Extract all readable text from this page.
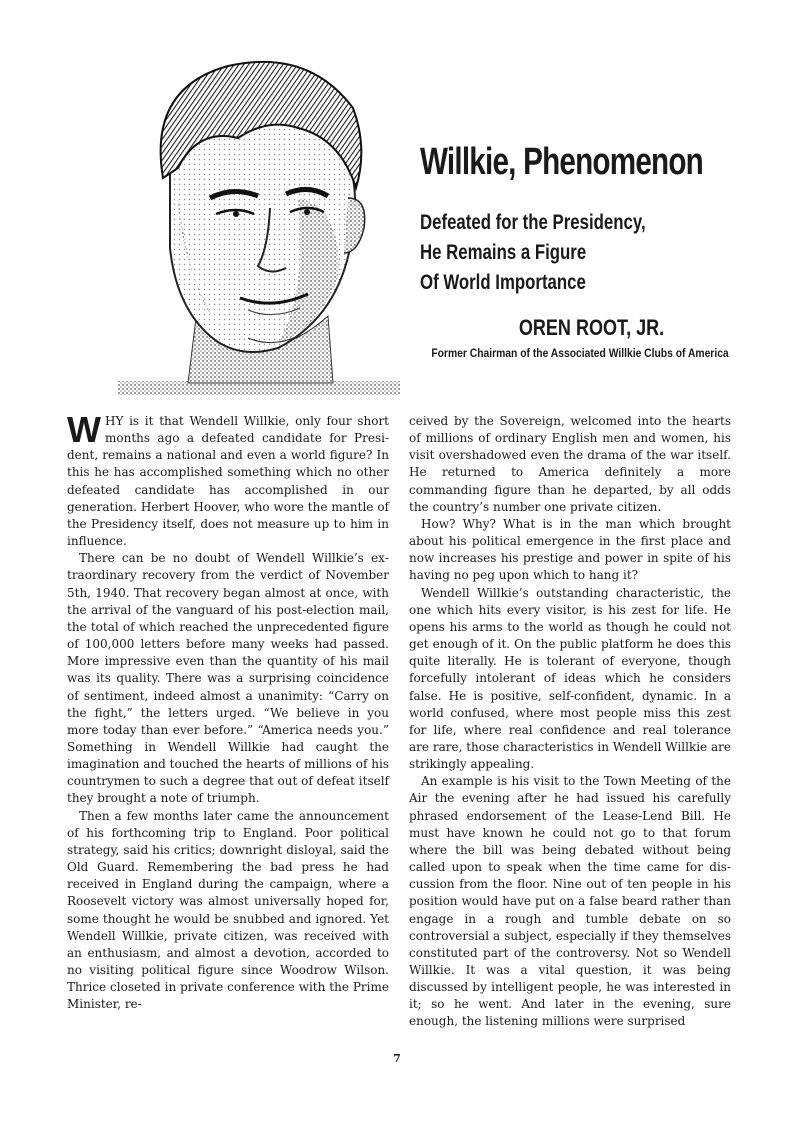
Willkie, Phenomenon
Defeated for the Presidency,
He Remains a Figure
Of World Importance
OREN ROOT, JR.
Former Chairman of the Associated Willkie Clubs of America

WHY is it that Wendell Willkie, only four short months ago a defeated candidate for President, remains a national and even a world figure? In this he has accomplished something which no other defeated candidate has accomplished in our generation. Herbert Hoover, who wore the mantle of the Presidency itself, does not measure up to him in influence.

There can be no doubt of Wendell Willkie’s extraordinary recovery from the verdict of November 5th, 1940. That recovery began almost at once, with the arrival of the vanguard of his post-election mail, the total of which reached the unprecedented figure of 100,000 letters before many weeks had passed. More impressive even than the quantity of his mail was its quality. There was a surprising coincidence of sentiment, indeed almost a unanimity: “Carry on the fight,” the letters urged. “We believe in you more today than ever before.” “America needs you.” Something in Wendell Willkie had caught the imagination and touched the hearts of millions of his countrymen to such a degree that out of defeat itself they brought a note of triumph.

Then a few months later came the announcement of his forthcoming trip to England. Poor political strategy, said his critics; downright disloyal, said the Old Guard. Remembering the bad press he had received in England during the campaign, where a Roosevelt victory was almost universally hoped for, some thought he would be snubbed and ignored. Yet Wendell Willkie, private citizen, was received with an enthusiasm, and almost a devotion, accorded to no visiting political figure since Woodrow Wilson. Thrice closeted in private conference with the Prime Minister, re-

ceived by the Sovereign, welcomed into the hearts of millions of ordinary English men and women, his visit overshadowed even the drama of the war itself. He returned to America definitely a more commanding figure than he departed, by all odds the country’s number one private citizen.

How? Why? What is in the man which brought about his political emergence in the first place and now increases his prestige and power in spite of his having no peg upon which to hang it?

Wendell Willkie’s outstanding characteristic, the one which hits every visitor, is his zest for life. He opens his arms to the world as though he could not get enough of it. On the public platform he does this quite literally. He is tolerant of everyone, though forcefully intolerant of ideas which he considers false. He is positive, self-confident, dynamic. In a world confused, where most people miss this zest for life, where real confidence and real tolerance are rare, those characteristics in Wendell Willkie are strikingly appealing.

An example is his visit to the Town Meeting of the Air the evening after he had issued his carefully phrased endorsement of the Lease-Lend Bill. He must have known he could not go to that forum where the bill was being debated without being called upon to speak when the time came for discussion from the floor. Nine out of ten people in his position would have put on a false beard rather than engage in a rough and tumble debate on so controversial a subject, especially if they themselves constituted part of the controversy. Not so Wendell Willkie. It was a vital question, it was being discussed by intelligent people, he was interested in it; so he went. And later in the evening, sure enough, the listening millions were surprised

7
